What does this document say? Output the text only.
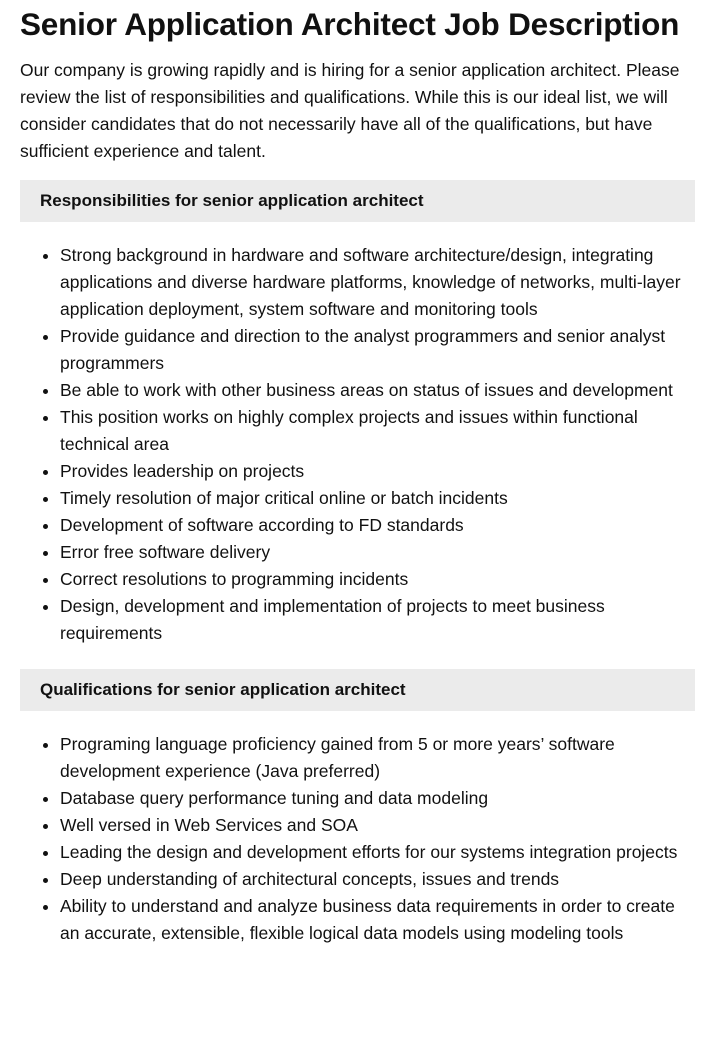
Senior Application Architect Job Description

Our company is growing rapidly and is hiring for a senior application architect. Please review the list of responsibilities and qualifications. While this is our ideal list, we will consider candidates that do not necessarily have all of the qualifications, but have sufficient experience and talent.

Responsibilities for senior application architect
• Strong background in hardware and software architecture/design, integrating applications and diverse hardware platforms, knowledge of networks, multi-layer application deployment, system software and monitoring tools
• Provide guidance and direction to the analyst programmers and senior analyst programmers
• Be able to work with other business areas on status of issues and development
• This position works on highly complex projects and issues within functional technical area
• Provides leadership on projects
• Timely resolution of major critical online or batch incidents
• Development of software according to FD standards
• Error free software delivery
• Correct resolutions to programming incidents
• Design, development and implementation of projects to meet business requirements
Qualifications for senior application architect
• Programing language proficiency gained from 5 or more years’ software development experience (Java preferred)
• Database query performance tuning and data modeling
• Well versed in Web Services and SOA
• Leading the design and development efforts for our systems integration projects
• Deep understanding of architectural concepts, issues and trends
• Ability to understand and analyze business data requirements in order to create an accurate, extensible, flexible logical data models using modeling tools
